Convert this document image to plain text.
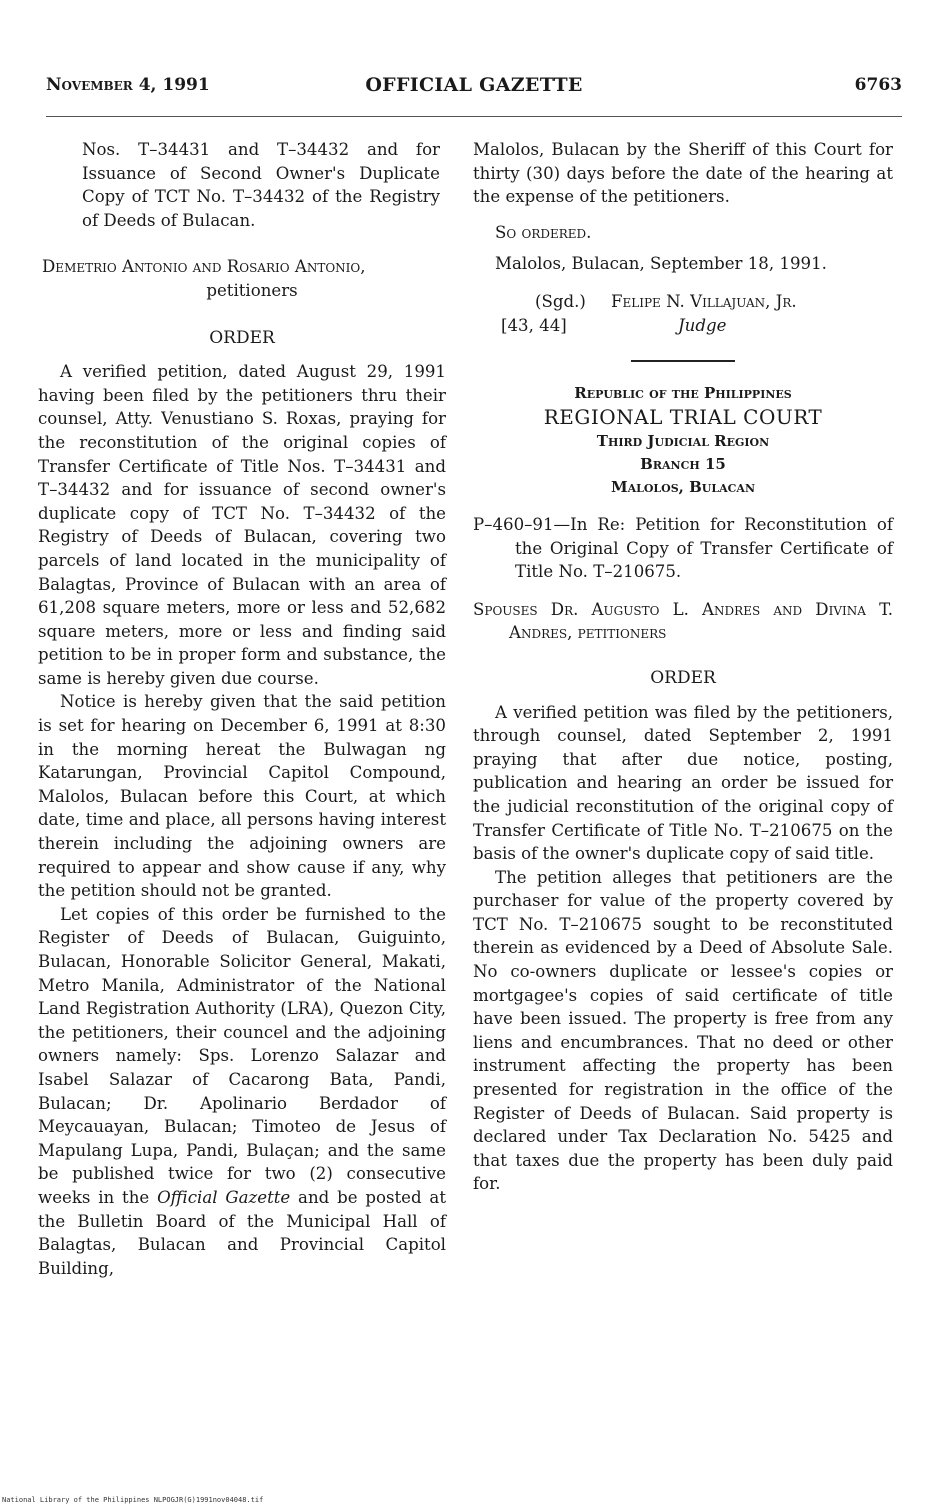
November 4, 1991	OFFICIAL GAZETTE	6763

Nos. T–34431 and T–34432 and for Issuance of Second Owner's Duplicate Copy of TCT No. T–34432 of the Registry of Deeds of Bulacan.

Demetrio Antonio and Rosario Antonio,

petitioners

ORDER

A verified petition, dated August 29, 1991 having been filed by the petitioners thru their counsel, Atty. Venustiano S. Roxas, praying for the reconstitution of the original copies of Transfer Certificate of Title Nos. T–34431 and T–34432 and for issuance of second owner's duplicate copy of TCT No. T–34432 of the Registry of Deeds of Bulacan, covering two parcels of land located in the municipality of Balagtas, Province of Bulacan with an area of 61,208 square meters, more or less and 52,682 square meters, more or less and finding said petition to be in proper form and substance, the same is hereby given due course.

Notice is hereby given that the said petition is set for hearing on December 6, 1991 at 8:30 in the morning hereat the Bulwagan ng Katarungan, Provincial Capitol Compound, Malolos, Bulacan before this Court, at which date, time and place, all persons having interest therein including the adjoining owners are required to appear and show cause if any, why the petition should not be granted.

Let copies of this order be furnished to the Register of Deeds of Bulacan, Guiguinto, Bulacan, Honorable Solicitor General, Makati, Metro Manila, Administrator of the National Land Registration Authority (LRA), Quezon City, the petitioners, their councel and the adjoining owners namely: Sps. Lorenzo Salazar and Isabel Salazar of Cacarong Bata, Pandi, Bulacan; Dr. Apolinario Berdador of Meycauayan, Bulacan; Timoteo de Jesus of Mapulang Lupa, Pandi, Bulaçan; and the same be published twice for two (2) consecutive weeks in the Official Gazette and be posted at the Bulletin Board of the Municipal Hall of Balagtas, Bulacan and Provincial Capitol Building,

Malolos, Bulacan by the Sheriff of this Court for thirty (30) days before the date of the hearing at the expense of the petitioners.

So ordered.

Malolos, Bulacan, September 18, 1991.

(Sgd.) Felipe N. Villajuan, Jr.
[43, 44]	Judge

Republic of the Philippines

REGIONAL TRIAL COURT

Third Judicial Region

Branch 15

Malolos, Bulacan

P–460–91—In Re: Petition for Reconstitution of the Original Copy of Transfer Certificate of Title No. T–210675.

Spouses Dr. Augusto L. Andres and Divina T. Andres, petitioners

ORDER

A verified petition was filed by the petitioners, through counsel, dated September 2, 1991 praying that after due notice, posting, publication and hearing an order be issued for the judicial reconstitution of the original copy of Transfer Certificate of Title No. T–210675 on the basis of the owner's duplicate copy of said title.

The petition alleges that petitioners are the purchaser for value of the property covered by TCT No. T–210675 sought to be reconstituted therein as evidenced by a Deed of Absolute Sale. No co-owners duplicate or lessee's copies or mortgagee's copies of said certificate of title have been issued. The property is free from any liens and encumbrances. That no deed or other instrument affecting the property has been presented for registration in the office of the Register of Deeds of Bulacan. Said property is declared under Tax Declaration No. 5425 and that taxes due the property has been duly paid for.

National Library of the Philippines NLPOGJR(G)1991nov04048.tif
